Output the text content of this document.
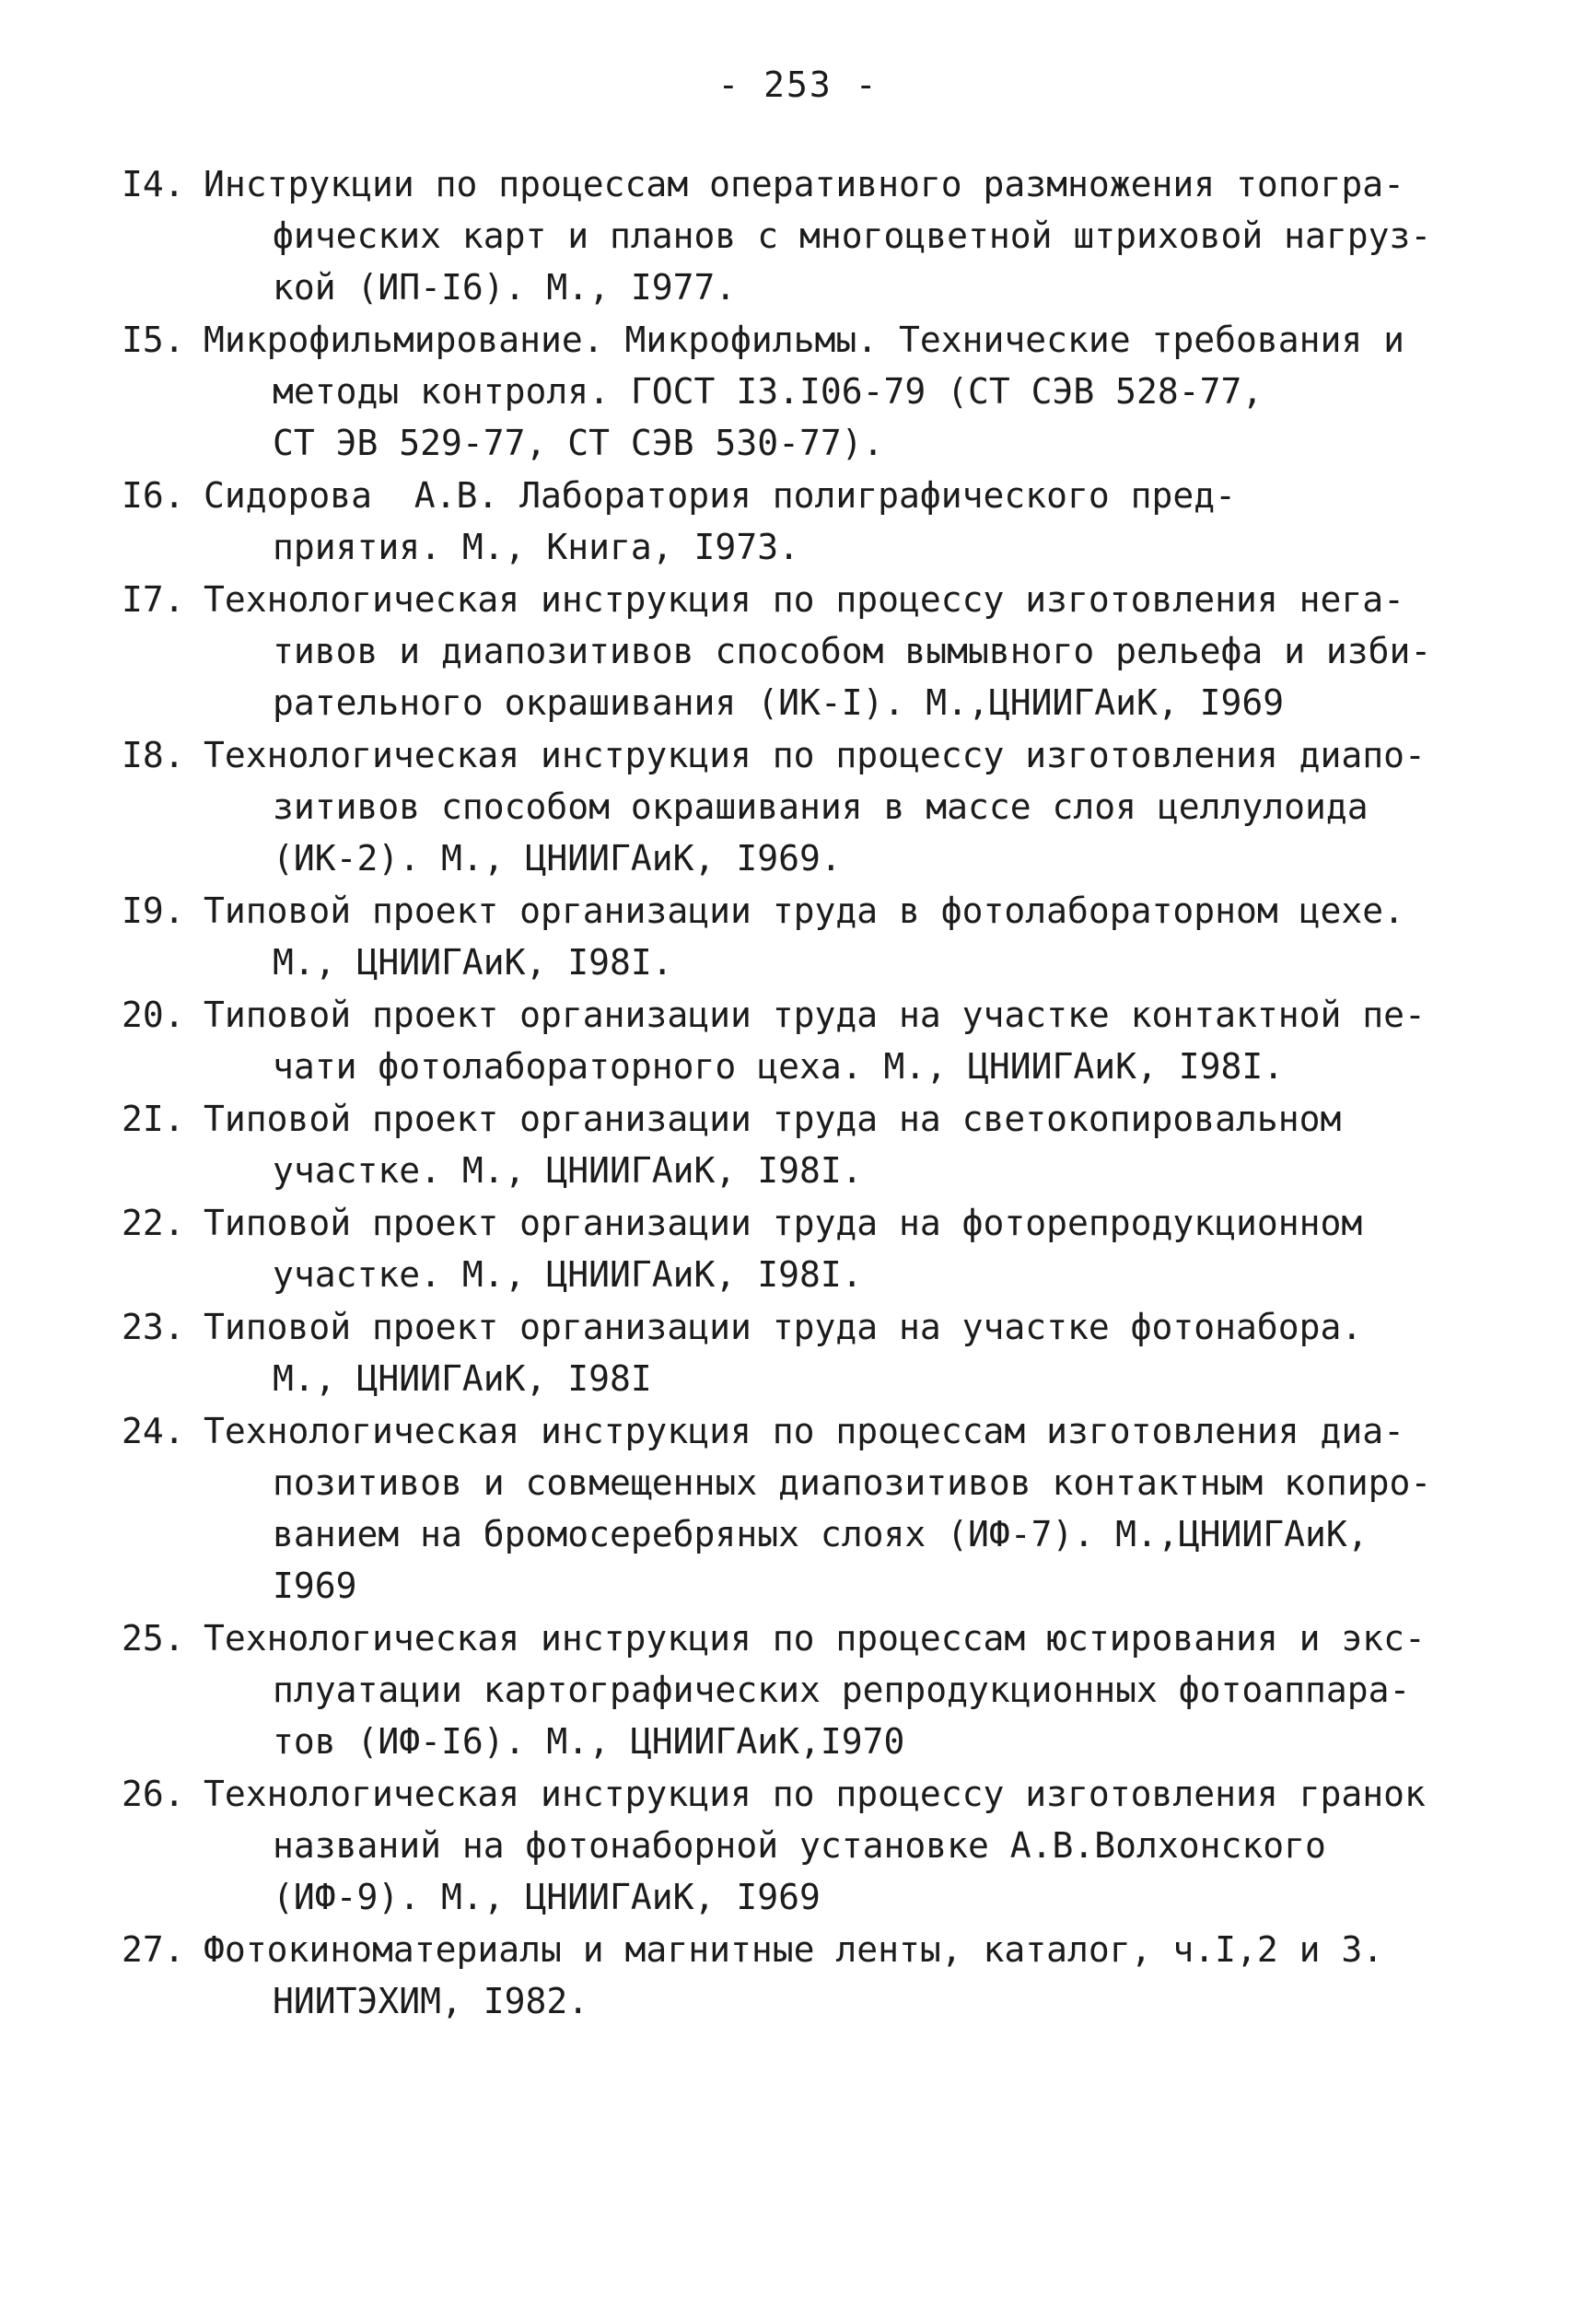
- 253 -
I4. Инструкции по процессам оперативного размножения топогра-
фических карт и планов с многоцветной штриховой нагруз-
кой (ИП-I6). М., I977.
I5. Микрофильмирование. Микрофильмы. Технические требования и
методы контроля. ГОСТ I3.I06-79 (СТ СЭВ 528-77,
СТ ЭВ 529-77, СТ СЭВ 530-77).
I6. Сидорова  А.В. Лаборатория полиграфического пред-
приятия. М., Книга, I973.
I7. Технологическая инструкция по процессу изготовления нега-
тивов и диапозитивов способом вымывного рельефа и изби-
рательного окрашивания (ИК-I). М.,ЦНИИГАиК, I969
I8. Технологическая инструкция по процессу изготовления диапо-
зитивов способом окрашивания в массе слоя целлулоида
(ИК-2). М., ЦНИИГАиК, I969.
I9. Типовой проект организации труда в фотолабораторном цехе.
М., ЦНИИГАиК, I98I.
20. Типовой проект организации труда на участке контактной пе-
чати фотолабораторного цеха. М., ЦНИИГАиК, I98I.
2I. Типовой проект организации труда на светокопировальном
участке. М., ЦНИИГАиК, I98I.
22. Типовой проект организации труда на фоторепродукционном
участке. М., ЦНИИГАиК, I98I.
23. Типовой проект организации труда на участке фотонабора.
М., ЦНИИГАиК, I98I
24. Технологическая инструкция по процессам изготовления диа-
позитивов и совмещенных диапозитивов контактным копиро-
ванием на бромосеребряных слоях (ИФ-7). М.,ЦНИИГАиК,
I969
25. Технологическая инструкция по процессам юстирования и экс-
плуатации картографических репродукционных фотоаппара-
тов (ИФ-I6). М., ЦНИИГАиК,I970
26. Технологическая инструкция по процессу изготовления гранок
названий на фотонаборной установке А.В.Волхонского
(ИФ-9). М., ЦНИИГАиК, I969
27. Фотокиноматериалы и магнитные ленты, каталог, ч.I,2 и 3.
НИИТЭХИМ, I982.
